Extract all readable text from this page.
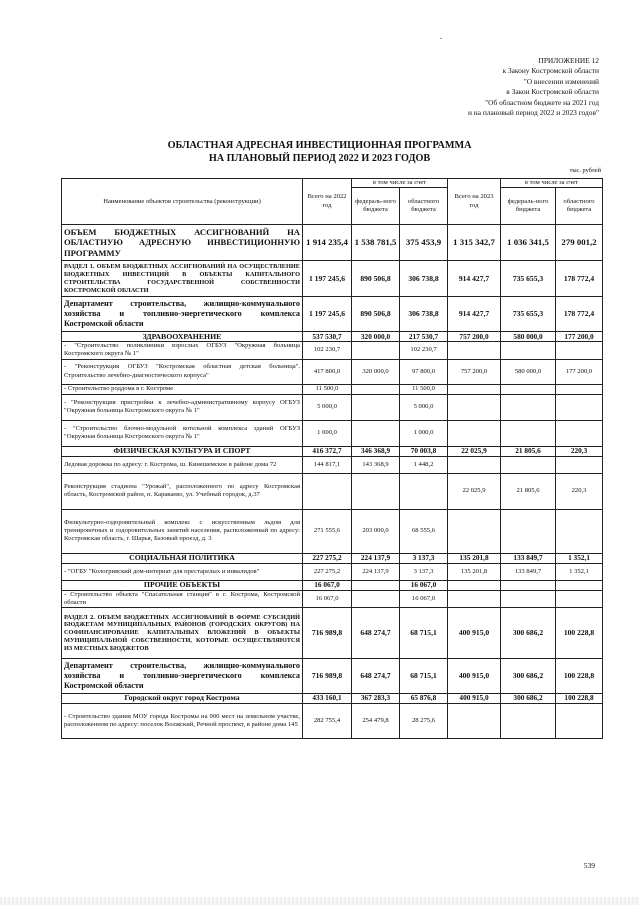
ПРИЛОЖЕНИЕ 12
к Закону Костромской области
"О внесении изменений
в Закон Костромской области
"Об областном бюджете на 2021 год
и на плановый период 2022 и 2023 годов"
ОБЛАСТНАЯ АДРЕСНАЯ ИНВЕСТИЦИОННАЯ ПРОГРАММА
НА ПЛАНОВЫЙ ПЕРИОД 2022 И 2023 ГОДОВ
тыс. рублей
Наименование объектов строительства (реконструкции)	Всего на 2022 год	в том числе за счет		Всего на 2023 год	в том числе за счет	
		федераль-ного бюджета	областного бюджета		федераль-ного бюджета	областного бюджета
ОБЪЕМ БЮДЖЕТНЫХ АССИГНОВАНИЙ НА ОБЛАСТНУЮ АДРЕСНУЮ ИНВЕСТИЦИОННУЮ ПРОГРАММУ	1 914 235,4	1 538 781,5	375 453,9	1 315 342,7	1 036 341,5	279 001,2
РАЗДЕЛ 1. ОБЪЕМ БЮДЖЕТНЫХ АССИГНОВАНИЙ НА ОСУЩЕСТВЛЕНИЕ БЮДЖЕТНЫХ ИНВЕСТИЦИЙ В ОБЪЕКТЫ КАПИТАЛЬНОГО СТРОИТЕЛЬСТВА ГОСУДАРСТВЕННОЙ СОБСТВЕННОСТИ КОСТРОМСКОЙ ОБЛАСТИ	1 197 245,6	890 506,8	306 738,8	914 427,7	735 655,3	178 772,4
Департамент строительства, жилищно-коммунального хозяйства и топливно-энергетического комплекса Костромской области	1 197 245,6	890 506,8	306 738,8	914 427,7	735 655,3	178 772,4
ЗДРАВООХРАНЕНИЕ	537 530,7	320 000,0	217 530,7	757 200,0	580 000,0	177 200,0
- "Строительство поликлиники взрослых ОГБУЗ "Окружная больница Костромского округа № 1"	102 230,7		102 230,7			
- "Реконструкция ОГБУЗ "Костромская областная детская больница". Строительство лечебно-диагностического корпуса"	417 800,0	320 000,0	97 800,0	757 200,0	580 000,0	177 200,0
- Строительство роддома в г. Костроме	11 500,0		11 500,0			
- "Реконструкция пристройки к лечебно-административному корпусу ОГБУЗ "Окружная больница Костромского округа № 1"	5 000,0		5 000,0			
- "Строительство блочно-модульной котельной комплекса зданий ОГБУЗ "Окружная больница Костромского округа № 1"	1 000,0		1 000,0			
ФИЗИЧЕСКАЯ КУЛЬТУРА И СПОРТ	416 372,7	346 368,9	70 003,8	22 025,9	21 805,6	220,3
Ледовая дорожка по адресу: г. Кострома, ш. Кинешемское в районе дома 72	144 817,1	143 368,9	1 448,2			
Реконструкция стадиона "Урожай", расположенного по адресу Костромская область, Костромской район, п. Караваево, ул. Учебный городок, д.37				22 025,9	21 805,6	220,3
Физкультурно-оздоровительный комплекс с искусственным льдом для тренировочных и оздоровительных занятий населения, расположенный по адресу: Костромская область, г. Шарья, Базовый проезд, д. 3	271 555,6	203 000,0	68 555,6			
СОЦИАЛЬНАЯ ПОЛИТИКА	227 275,2	224 137,9	3 137,3	135 201,8	133 849,7	1 352,1
- "ОГБУ "Кологривский дом-интернат для престарелых и инвалидов"	227 275,2	224 137,9	3 137,3	135 201,8	133 849,7	1 352,1
ПРОЧИЕ ОБЪЕКТЫ	16 067,0		16 067,0			
- Строительство объекта "Спасательная станция" в г. Кострома, Костромской области	16 067,0		16 067,0			
РАЗДЕЛ 2. ОБЪЕМ БЮДЖЕТНЫХ АССИГНОВАНИЙ В ФОРМЕ СУБСИДИЙ БЮДЖЕТАМ МУНИЦИПАЛЬНЫХ РАЙОНОВ (ГОРОДСКИХ ОКРУГОВ) НА СОФИНАНСИРОВАНИЕ КАПИТАЛЬНЫХ ВЛОЖЕНИЙ В ОБЪЕКТЫ МУНИЦИПАЛЬНОЙ СОБСТВЕННОСТИ, КОТОРЫЕ ОСУЩЕСТВЛЯЮТСЯ ИЗ МЕСТНЫХ БЮДЖЕТОВ	716 989,8	648 274,7	68 715,1	400 915,0	300 686,2	100 228,8
Департамент строительства, жилищно-коммунального хозяйства и топливно-энергетического комплекса Костромской области	716 989,8	648 274,7	68 715,1	400 915,0	300 686,2	100 228,8
Городской округ город Кострома	433 160,1	367 283,3	65 876,8	400 915,0	300 686,2	100 228,8
- Строительство здания МОУ города Костромы на 900 мест на земельном участке, расположенном по адресу: поселок Волжский, Речной проспект, в районе дома 145	282 755,4	254 479,8	28 275,6			
539
